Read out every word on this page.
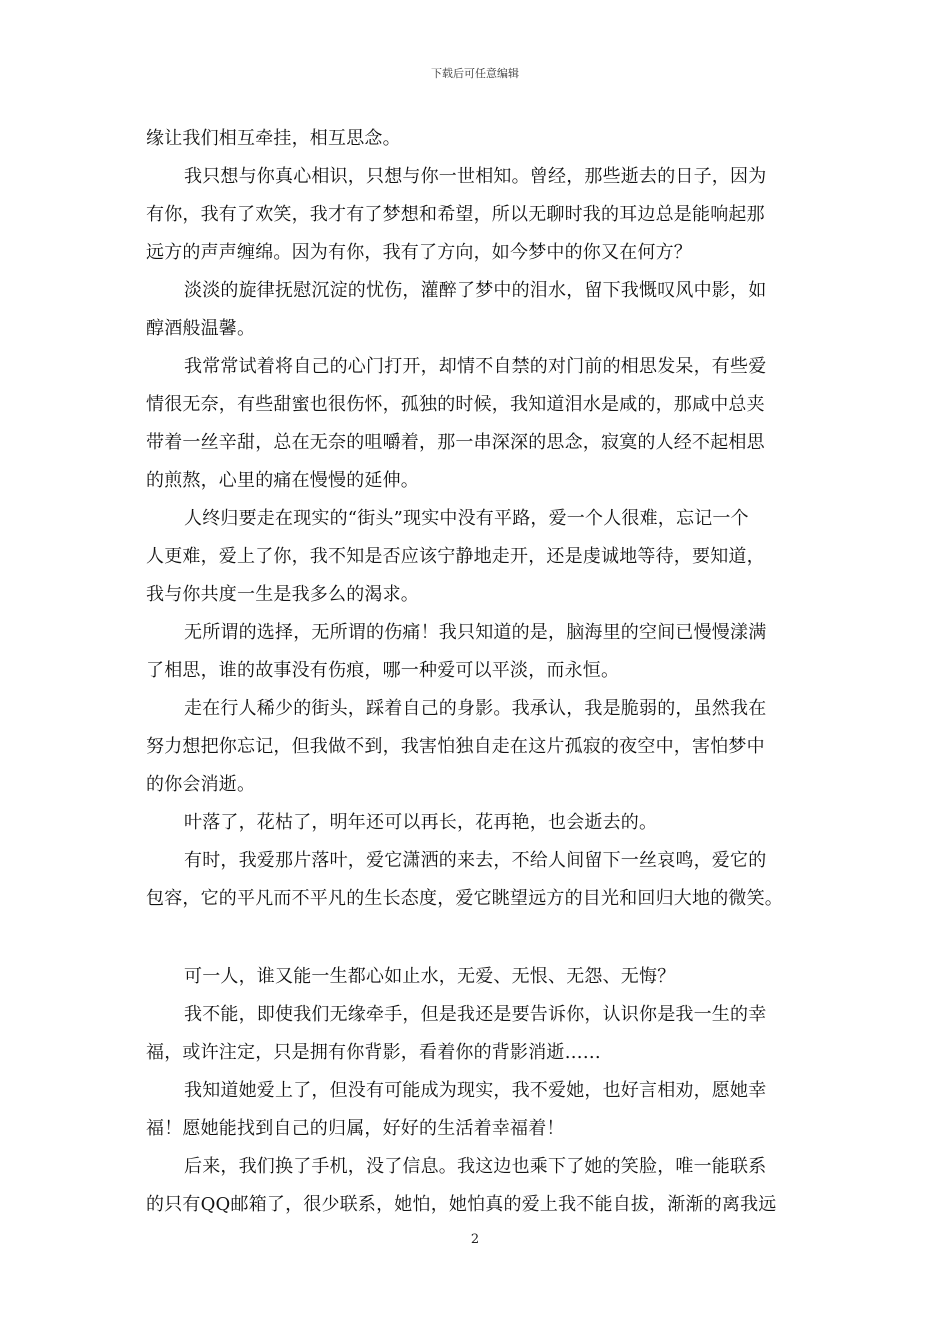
下载后可任意编辑
缘让我们相互牵挂，相互思念。
我只想与你真心相识，只想与你一世相知。曾经，那些逝去的日子，因为
有你，我有了欢笑，我才有了梦想和希望，所以无聊时我的耳边总是能响起那
远方的声声缠绵。因为有你，我有了方向，如今梦中的你又在何方？
淡淡的旋律抚慰沉淀的忧伤，灌醉了梦中的泪水，留下我慨叹风中影，如
醇酒般温馨。
我常常试着将自己的心门打开，却情不自禁的对门前的相思发呆，有些爱
情很无奈，有些甜蜜也很伤怀，孤独的时候，我知道泪水是咸的，那咸中总夹
带着一丝辛甜，总在无奈的咀嚼着，那一串深深的思念，寂寞的人经不起相思
的煎熬，心里的痛在慢慢的延伸。
人终归要走在现实的“街头”现实中没有平路，爱一个人很难，忘记一个
人更难，爱上了你，我不知是否应该宁静地走开，还是虔诚地等待，要知道，
我与你共度一生是我多么的渴求。
无所谓的选择，无所谓的伤痛！我只知道的是，脑海里的空间已慢慢漾满
了相思，谁的故事没有伤痕，哪一种爱可以平淡，而永恒。
走在行人稀少的街头，踩着自己的身影。我承认，我是脆弱的，虽然我在
努力想把你忘记，但我做不到，我害怕独自走在这片孤寂的夜空中，害怕梦中
的你会消逝。
叶落了，花枯了，明年还可以再长，花再艳，也会逝去的。
有时，我爱那片落叶，爱它潇洒的来去，不给人间留下一丝哀鸣，爱它的
包容，它的平凡而不平凡的生长态度，爱它眺望远方的目光和回归大地的微笑。
可一人，谁又能一生都心如止水，无爱、无恨、无怨、无悔？
我不能，即使我们无缘牵手，但是我还是要告诉你，认识你是我一生的幸
福，或许注定，只是拥有你背影，看着你的背影消逝……
我知道她爱上了，但没有可能成为现实，我不爱她，也好言相劝，愿她幸
福！愿她能找到自己的归属，好好的生活着幸福着！
后来，我们换了手机，没了信息。我这边也乘下了她的笑脸，唯一能联系
的只有QQ邮箱了，很少联系，她怕，她怕真的爱上我不能自拔，渐渐的离我远
2
